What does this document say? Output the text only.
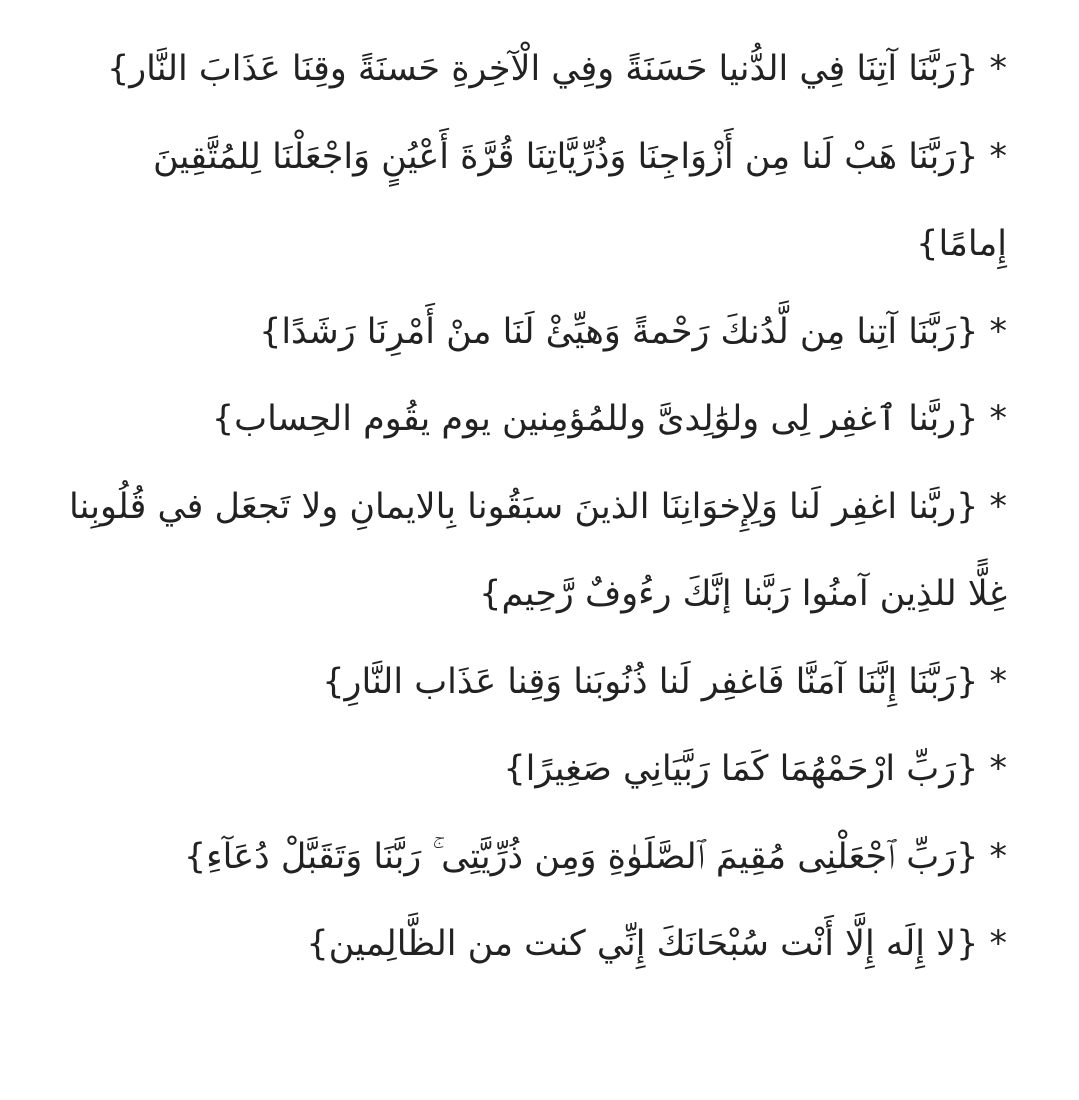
* {رَبَّنَا آتِنَا فِي الدُّنيا حَسَنَةً وفِي الْآخِرةِ حَسنَةً وقِنَا عَذَابَ النَّار}
* {رَبَّنَا هَبْ لَنا مِن أَزْوَاجِنَا وَذُرِّيَّاتِنَا قُرَّةَ أَعْيُنٍ وَاجْعَلْنَا لِلمُتَّقِينَ إِمامًا}
* {رَبَّنَا آتِنا مِن لَّدُنكَ رَحْمةً وَهيِّئْ لَنَا منْ أَمْرِنَا رَشَدًا}
* {ربَّنا ٱغفِر لِى ولوَٰلِدىَّ وللمُؤمِنين يوم يقُوم الحِساب}
* {ربَّنا اغفِر لَنا وَلِإِخوَانِنَا الذينَ سبَقُونا بِالايمانِ ولا تَجعَل في قُلُوبِنا غِلًّا للذِين آمنُوا رَبَّنا إنَّكَ رءُوفٌ رَّحِيم}
* {رَبَّنَا إِنَّنَا آمَنَّا فَاغفِر لَنا ذُنُوبَنا وَقِنا عَذَاب النَّارِ}
* {رَبِّ ارْحَمْهُمَا كَمَا رَبَّيَانِي صَغِيرًا}
* {رَبِّ ٱجْعَلْنِى مُقِيمَ ٱلصَّلَوٰةِ وَمِن ذُرِّيَّتِى ۚ رَبَّنَا وَتَقَبَّلْ دُعَآءِ}
* {لا إِلَه إِلَّا أَنْت سُبْحَانَكَ إِنِّي كنت من الظَّالِمين}
